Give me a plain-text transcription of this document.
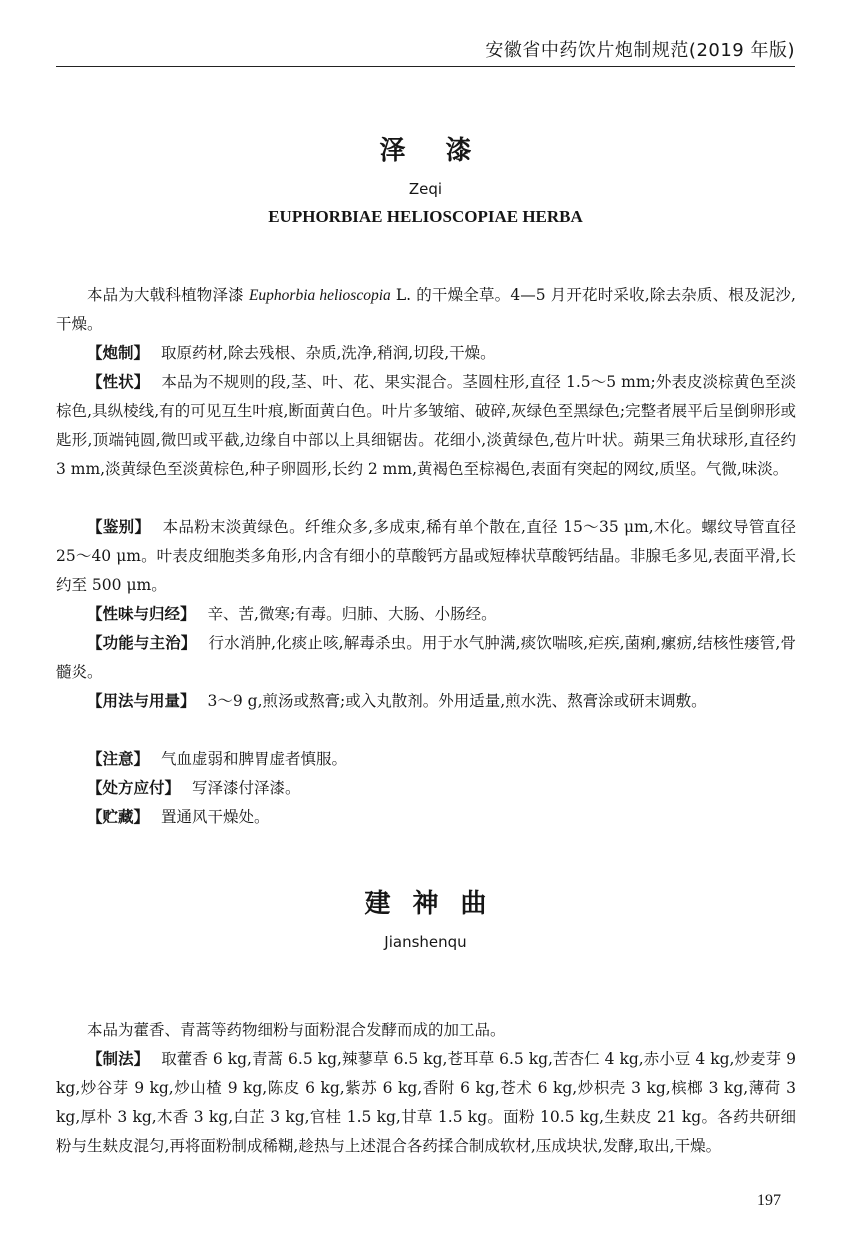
安徽省中药饮片炮制规范(2019 年版)
泽 漆
Zeqi
EUPHORBIAE HELIOSCOPIAE HERBA
本品为大戟科植物泽漆 Euphorbia helioscopia L. 的干燥全草。4—5 月开花时采收,除去杂质、根及泥沙,干燥。
【炮制】 取原药材,除去残根、杂质,洗净,稍润,切段,干燥。
【性状】 本品为不规则的段,茎、叶、花、果实混合。茎圆柱形,直径 1.5～5 mm;外表皮淡棕黄色至淡棕色,具纵棱线,有的可见互生叶痕,断面黄白色。叶片多皱缩、破碎,灰绿色至黑绿色;完整者展平后呈倒卵形或匙形,顶端钝圆,微凹或平截,边缘自中部以上具细锯齿。花细小,淡黄绿色,苞片叶状。蒴果三角状球形,直径约 3 mm,淡黄绿色至淡黄棕色,种子卵圆形,长约 2 mm,黄褐色至棕褐色,表面有突起的网纹,质坚。气微,味淡。
【鉴别】 本品粉末淡黄绿色。纤维众多,多成束,稀有单个散在,直径 15～35 μm,木化。螺纹导管直径 25～40 μm。叶表皮细胞类多角形,内含有细小的草酸钙方晶或短棒状草酸钙结晶。非腺毛多见,表面平滑,长约至 500 μm。
【性味与归经】 辛、苦,微寒;有毒。归肺、大肠、小肠经。
【功能与主治】 行水消肿,化痰止咳,解毒杀虫。用于水气肿满,痰饮喘咳,疟疾,菌痢,瘰疬,结核性瘘管,骨髓炎。
【用法与用量】 3～9 g,煎汤或熬膏;或入丸散剂。外用适量,煎水洗、熬膏涂或研末调敷。
【注意】 气血虚弱和脾胃虚者慎服。
【处方应付】 写泽漆付泽漆。
【贮藏】 置通风干燥处。
建 神 曲
Jianshenqu
本品为藿香、青蒿等药物细粉与面粉混合发酵而成的加工品。
【制法】 取藿香 6 kg,青蒿 6.5 kg,辣蓼草 6.5 kg,苍耳草 6.5 kg,苦杏仁 4 kg,赤小豆 4 kg,炒麦芽 9 kg,炒谷芽 9 kg,炒山楂 9 kg,陈皮 6 kg,紫苏 6 kg,香附 6 kg,苍术 6 kg,炒枳壳 3 kg,槟榔 3 kg,薄荷 3 kg,厚朴 3 kg,木香 3 kg,白芷 3 kg,官桂 1.5 kg,甘草 1.5 kg。面粉 10.5 kg,生麸皮 21 kg。各药共研细粉与生麸皮混匀,再将面粉制成稀糊,趁热与上述混合各药揉合制成软材,压成块状,发酵,取出,干燥。
197
